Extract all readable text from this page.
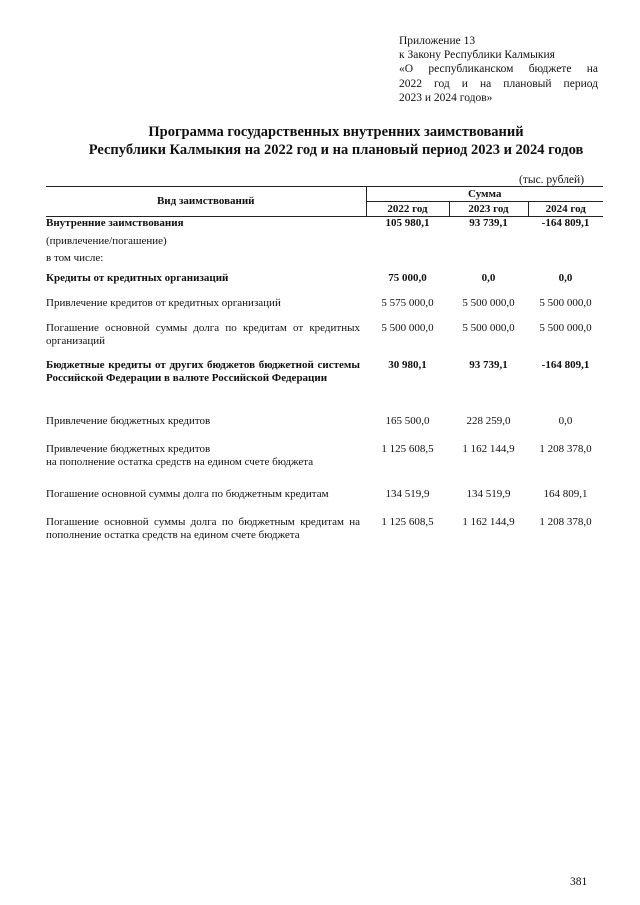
Приложение 13
к Закону Республики Калмыкия
«О республиканском бюджете на
2022 год и на плановый период
2023 и 2024 годов»
Программа государственных внутренних заимствований
Республики Калмыкия на 2022 год и на плановый период 2023 и 2024 годов
(тыс. рублей)
Вид заимствований	Сумма		
	2022 год	2023 год	2024 год
Внутренние заимствования	105 980,1	93 739,1	-164 809,1
(привлечение/погашение)			
в том числе:			
Кредиты от кредитных организаций	75 000,0	0,0	0,0
Привлечение кредитов от кредитных организаций	5 575 000,0	5 500 000,0	5 500 000,0
Погашение основной суммы долга по кредитам от кредитных организаций	5 500 000,0	5 500 000,0	5 500 000,0
Бюджетные кредиты от других бюджетов бюджетной системы Российской Федерации в валюте Российской Федерации	30 980,1	93 739,1	-164 809,1
Привлечение бюджетных кредитов	165 500,0	228 259,0	0,0

Привлечение бюджетных кредитов
на пополнение остатка средств на едином счете бюджета	1 125 608,5	1 162 144,9	1 208 378,0
Погашение основной суммы долга по бюджетным кредитам	134 519,9	134 519,9	164 809,1
Погашение основной суммы долга по бюджетным кредитам на пополнение остатка средств на едином счете бюджета	1 125 608,5	1 162 144,9	1 208 378,0
381
